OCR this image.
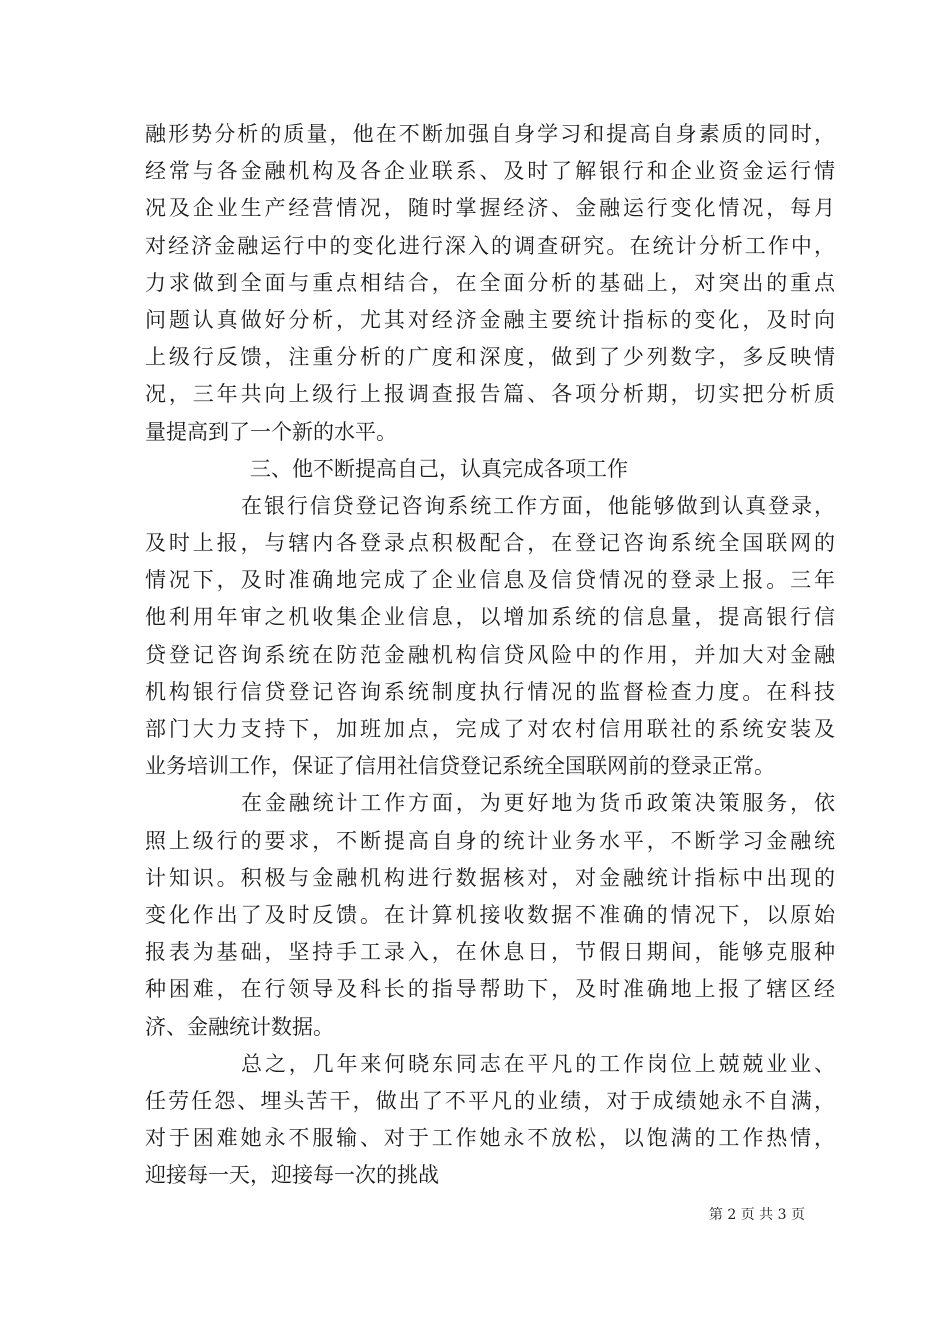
融形势分析的质量，他在不断加强自身学习和提高自身素质的同时，
经常与各金融机构及各企业联系、及时了解银行和企业资金运行情
况及企业生产经营情况，随时掌握经济、金融运行变化情况，每月
对经济金融运行中的变化进行深入的调查研究。在统计分析工作中，
力求做到全面与重点相结合，在全面分析的基础上，对突出的重点
问题认真做好分析，尤其对经济金融主要统计指标的变化，及时向
上级行反馈，注重分析的广度和深度，做到了少列数字，多反映情
况，三年共向上级行上报调查报告篇、各项分析期，切实把分析质
量提高到了一个新的水平。
三、他不断提高自己，认真完成各项工作
在银行信贷登记咨询系统工作方面，他能够做到认真登录，
及时上报，与辖内各登录点积极配合，在登记咨询系统全国联网的
情况下，及时准确地完成了企业信息及信贷情况的登录上报。三年
他利用年审之机收集企业信息，以增加系统的信息量，提高银行信
贷登记咨询系统在防范金融机构信贷风险中的作用，并加大对金融
机构银行信贷登记咨询系统制度执行情况的监督检查力度。在科技
部门大力支持下，加班加点，完成了对农村信用联社的系统安装及
业务培训工作，保证了信用社信贷登记系统全国联网前的登录正常。
在金融统计工作方面，为更好地为货币政策决策服务，依
照上级行的要求，不断提高自身的统计业务水平，不断学习金融统
计知识。积极与金融机构进行数据核对，对金融统计指标中出现的
变化作出了及时反馈。在计算机接收数据不准确的情况下，以原始
报表为基础，坚持手工录入，在休息日，节假日期间，能够克服种
种困难，在行领导及科长的指导帮助下，及时准确地上报了辖区经
济、金融统计数据。
总之，几年来何晓东同志在平凡的工作岗位上兢兢业业、
任劳任怨、埋头苦干，做出了不平凡的业绩，对于成绩她永不自满，
对于困难她永不服输、对于工作她永不放松，以饱满的工作热情，
迎接每一天，迎接每一次的挑战
第 2 页 共 3 页
